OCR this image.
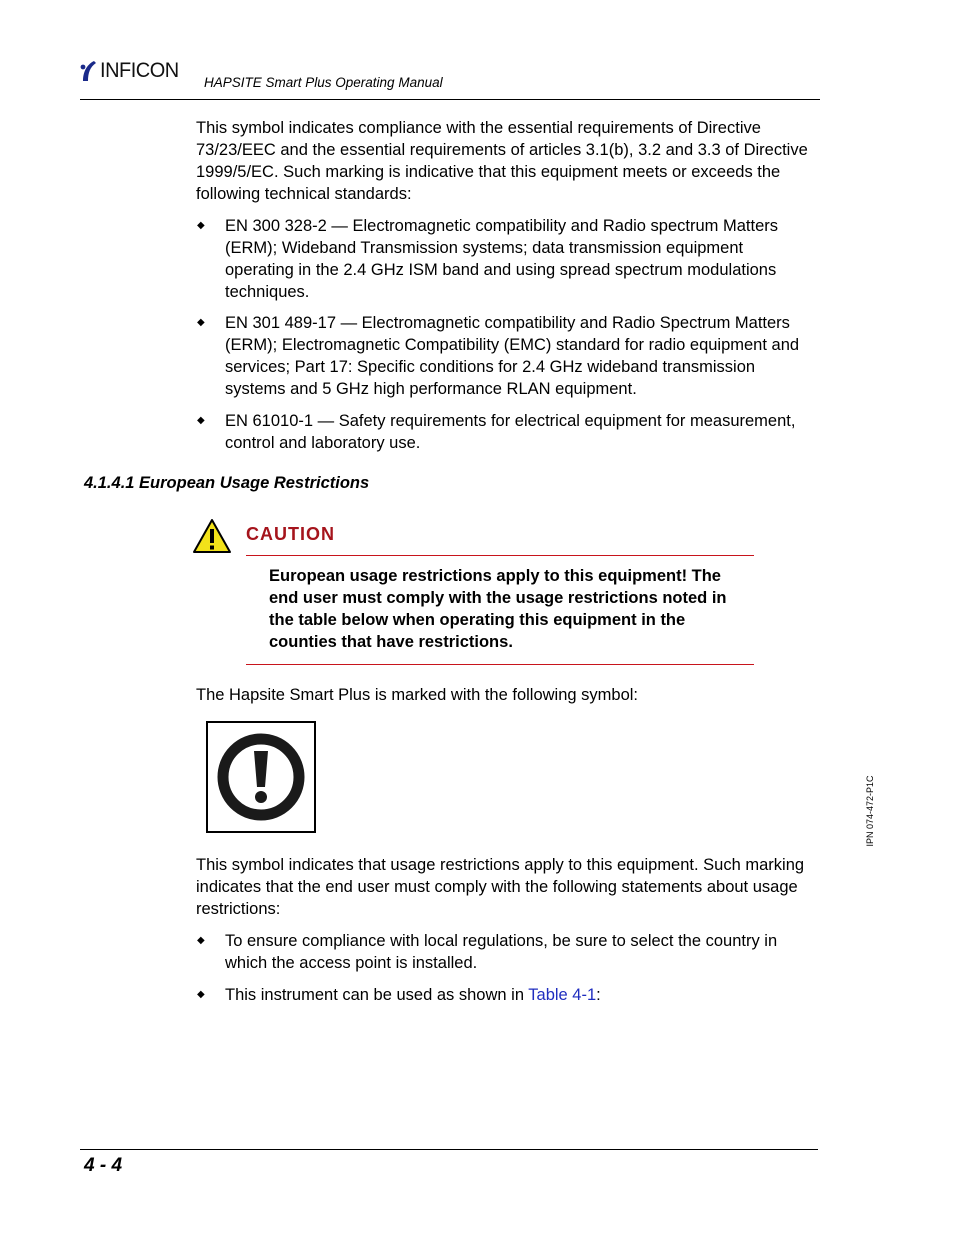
INFICON
HAPSITE Smart Plus Operating Manual
This symbol indicates compliance with the essential requirements of Directive 73/23/EEC and the essential requirements of articles 3.1(b), 3.2 and 3.3 of Directive 1999/5/EC. Such marking is indicative that this equipment meets or exceeds the following technical standards:
◆	EN 300 328-2 — Electromagnetic compatibility and Radio spectrum Matters (ERM); Wideband Transmission systems; data transmission equipment operating in the 2.4 GHz ISM band and using spread spectrum modulations techniques.
◆	EN 301 489-17 — Electromagnetic compatibility and Radio Spectrum Matters (ERM); Electromagnetic Compatibility (EMC) standard for radio equipment and services; Part 17: Specific conditions for 2.4 GHz wideband transmission systems and 5 GHz high performance RLAN equipment.
◆	EN 61010-1 — Safety requirements for electrical equipment for measurement, control and laboratory use.
4.1.4.1 European Usage Restrictions
CAUTION
European usage restrictions apply to this equipment! The end user must comply with the usage restrictions noted in the table below when operating this equipment in the counties that have restrictions.
The Hapsite Smart Plus is marked with the following symbol:
This symbol indicates that usage restrictions apply to this equipment. Such marking indicates that the end user must comply with the following statements about usage restrictions:
◆	To ensure compliance with local regulations, be sure to select the country in which the access point is installed.
◆	This instrument can be used as shown in Table 4-1:
IPN 074-472-P1C
4 - 4
